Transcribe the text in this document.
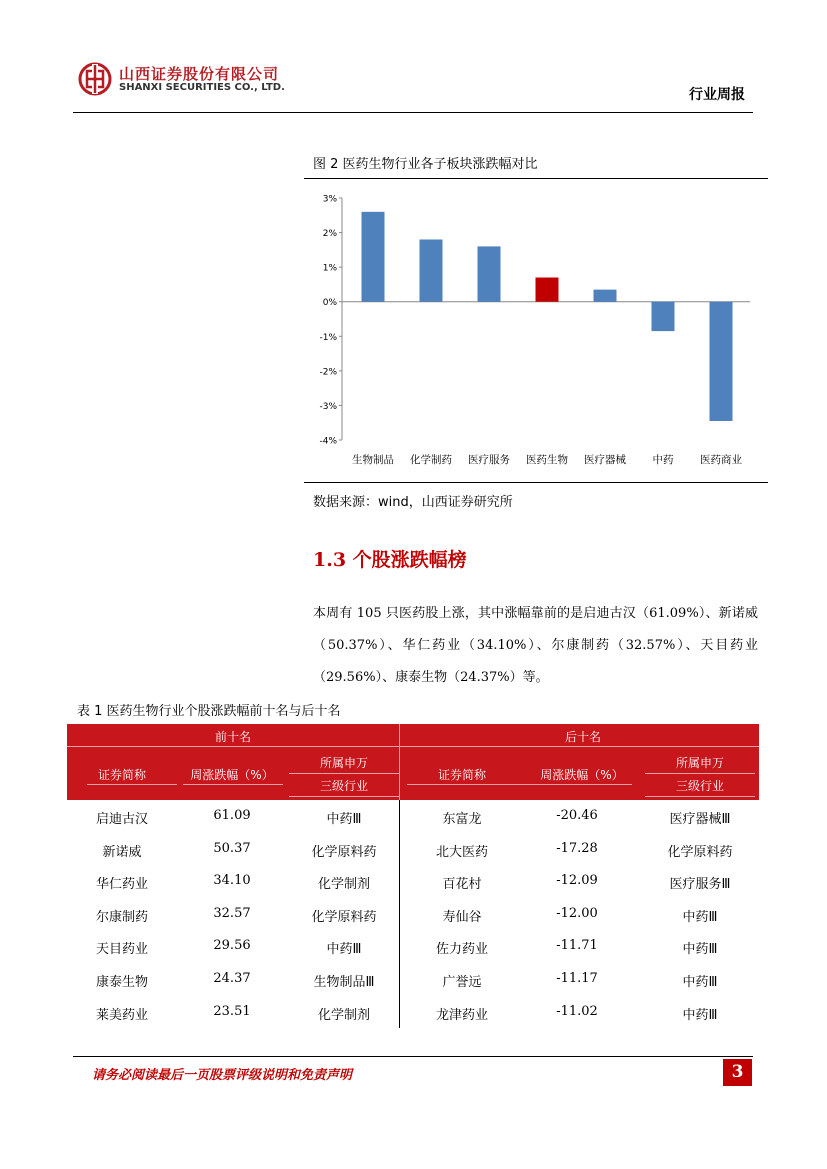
山西证券股份有限公司
SHANXI SECURITIES CO., LTD.	行业周报
图 2 医药生物行业各子板块涨跌幅对比
3%
2%
1%
0%
-1%
-2%
-3%
-4%
生物制品 化学制药 医疗服务 医药生物 医疗器械	中药	医药商业
数据来源：wind，山西证券研究所
1.3 个股涨跌幅榜
本周有 105 只医药股上涨，其中涨幅靠前的是启迪古汉（61.09%）、新诺威（50.37%）、华仁药业（34.10%）、尔康制药（32.57%）、天目药业（29.56%）、康泰生物（24.37%）等。
表 1 医药生物行业个股涨跌幅前十名与后十名
前十名	后十名
证券简称	周涨跌幅（%）
所属申万
三级行业
证券简称	周涨跌幅（%）
所属申万
三级行业
启迪古汉	61.09	中药Ⅲ	东富龙	-20.46	医疗器械Ⅲ
新诺威	50.37	化学原料药	北大医药	-17.28	化学原料药
华仁药业	34.10	化学制剂	百花村	-12.09	医疗服务Ⅲ
尔康制药	32.57	化学原料药	寿仙谷	-12.00	中药Ⅲ
天目药业	29.56	中药Ⅲ	佐力药业	-11.71	中药Ⅲ
康泰生物	24.37	生物制品Ⅲ	广誉远	-11.17	中药Ⅲ
莱美药业	23.51	化学制剂	龙津药业	-11.02	中药Ⅲ
请务必阅读最后一页股票评级说明和免责声明	3
